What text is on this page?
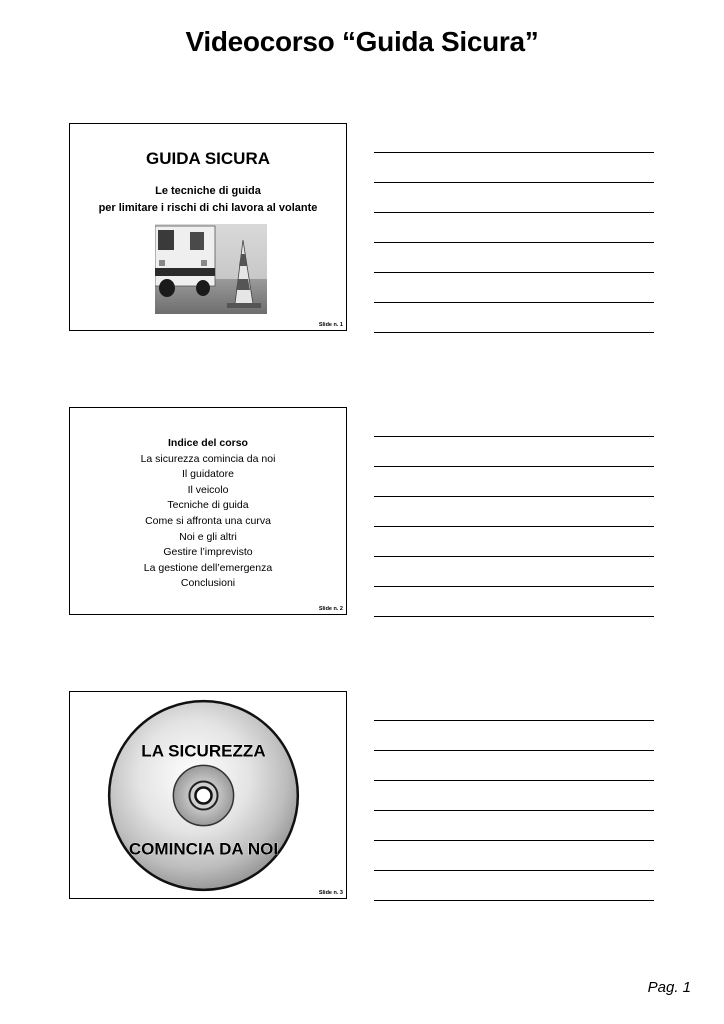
Videocorso “Guida Sicura”
GUIDA SICURA
Le tecniche di guida
per limitare i rischi di chi lavora al volante
Slide n. 1
Indice del corso
La sicurezza comincia da noi
Il guidatore
Il veicolo
Tecniche di guida
Come si affronta una curva
Noi e gli altri
Gestire l’imprevisto
La gestione dell’emergenza
Conclusioni
Slide n. 2
LA SICUREZZA
COMINCIA DA NOI
Slide n. 3
Pag. 1
